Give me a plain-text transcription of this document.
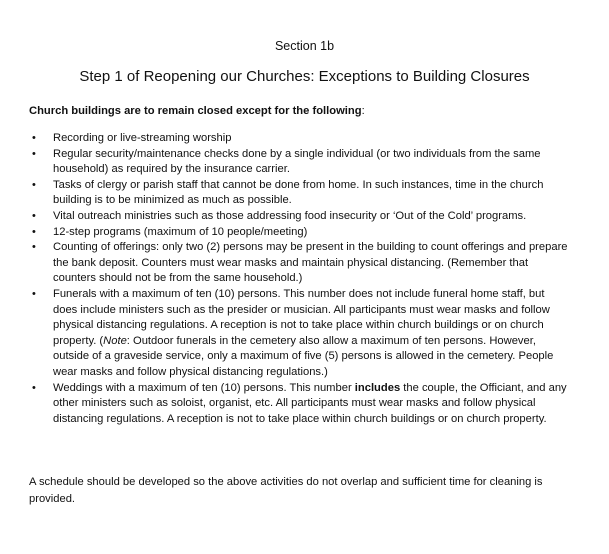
Section 1b
Step 1 of Reopening our Churches: Exceptions to Building Closures
Church buildings are to remain closed except for the following:
• Recording or live-streaming worship
• Regular security/maintenance checks done by a single individual (or two individuals from the same household) as required by the insurance carrier.
• Tasks of clergy or parish staff that cannot be done from home. In such instances, time in the church building is to be minimized as much as possible.
• Vital outreach ministries such as those addressing food insecurity or ‘Out of the Cold’ programs.
• 12-step programs (maximum of 10 people/meeting)
• Counting of offerings: only two (2) persons may be present in the building to count offerings and prepare the bank deposit. Counters must wear masks and maintain physical distancing. (Remember that counters should not be from the same household.)
• Funerals with a maximum of ten (10) persons. This number does not include funeral home staff, but does include ministers such as the presider or musician. All participants must wear masks and follow physical distancing regulations. A reception is not to take place within church buildings or on church property. (Note: Outdoor funerals in the cemetery also allow a maximum of ten persons. However, outside of a graveside service, only a maximum of five (5) persons is allowed in the cemetery. People wear masks and follow physical distancing regulations.)
• Weddings with a maximum of ten (10) persons. This number includes the couple, the Officiant, and any other ministers such as soloist, organist, etc. All participants must wear masks and follow physical distancing regulations. A reception is not to take place within church buildings or on church property.
A schedule should be developed so the above activities do not overlap and sufficient time for cleaning is provided.
